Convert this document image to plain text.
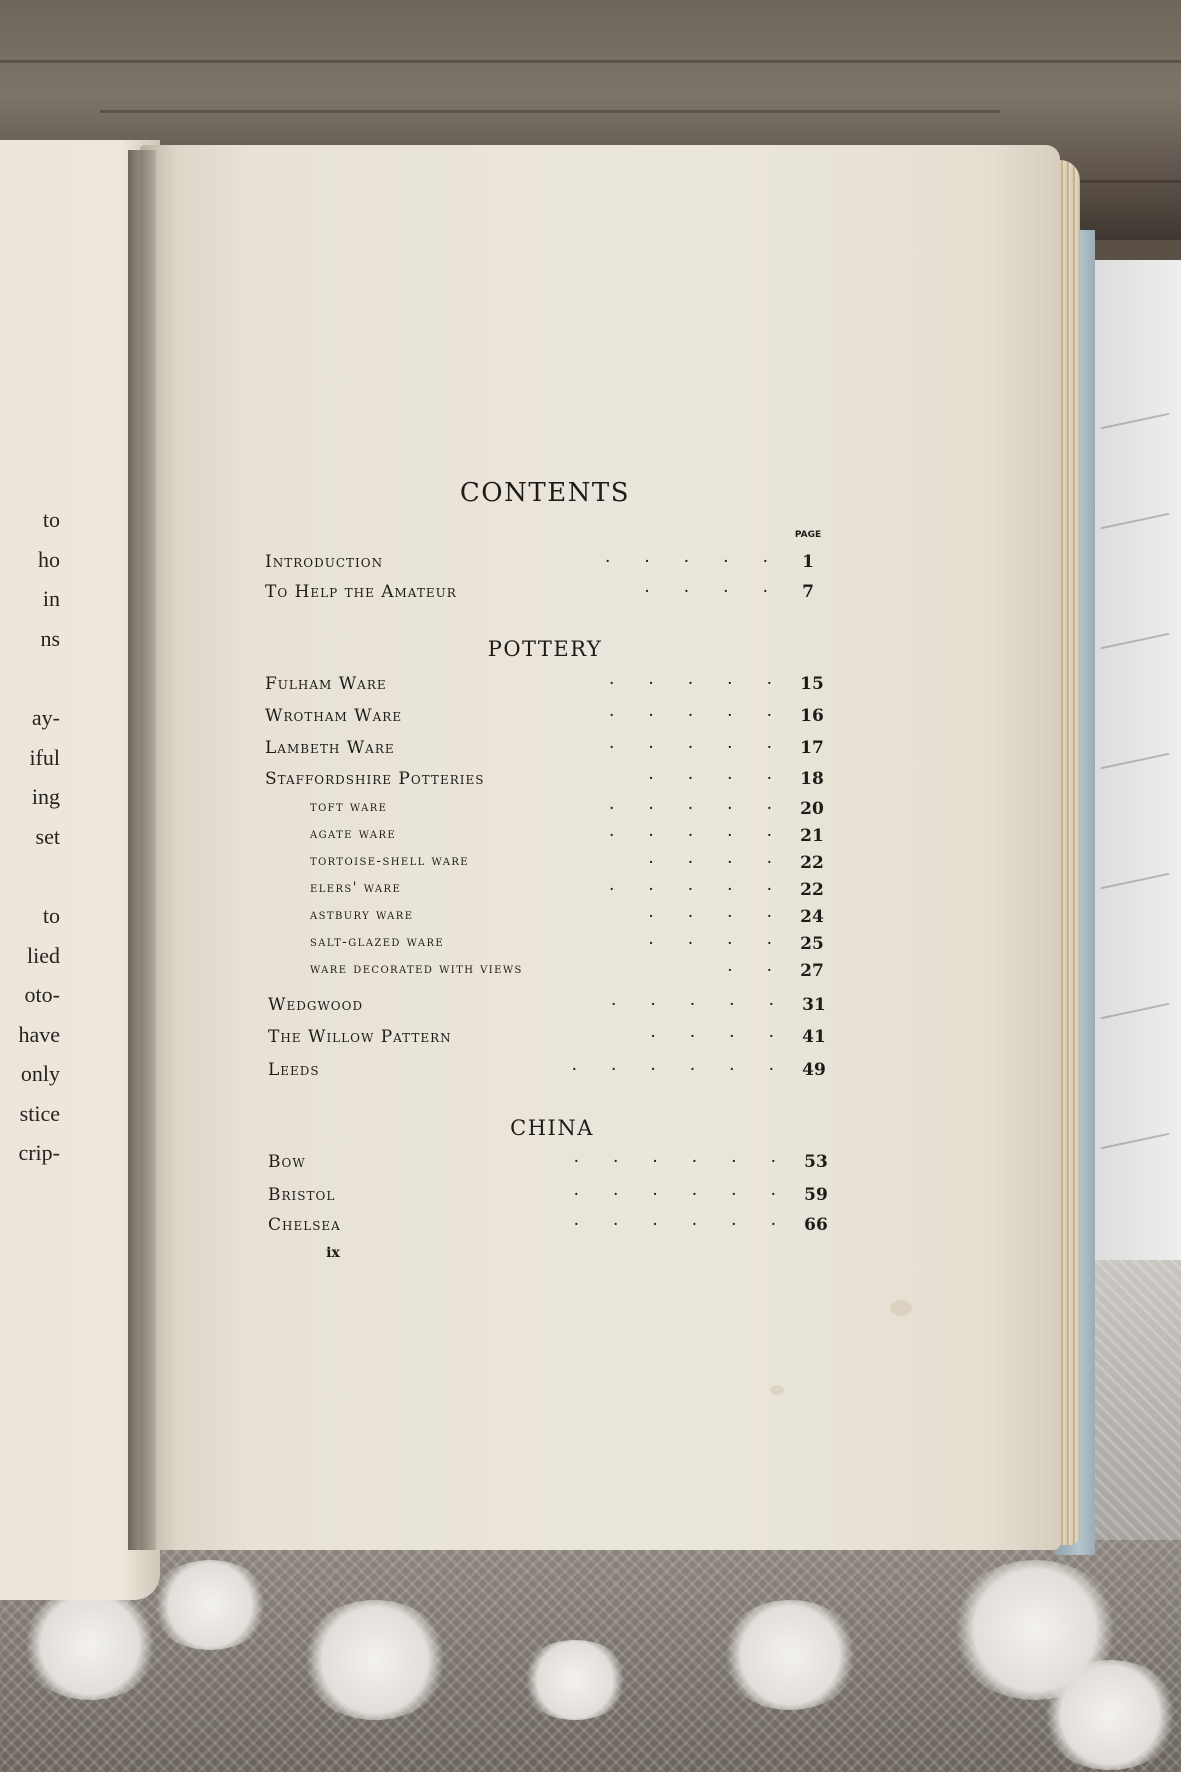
to
ho
in
ns
ay-
iful
ing
set
to
lied
oto-
have
only
stice
crip-
CONTENTS
PAGE
Introduction	·  ·  ·  ·  ·	1
To Help the Amateur	·  ·  ·  ·	7
POTTERY
Fulham Ware	·  ·  ·  ·  ·	15
Wrotham Ware	·  ·  ·  ·  ·	16
Lambeth Ware	·  ·  ·  ·  ·	17
Staffordshire Potteries	·  ·  ·  ·	18
toft ware	·  ·  ·  ·  ·	20
agate ware	·  ·  ·  ·  ·	21
tortoise-shell ware	·  ·  ·  ·	22
elers' ware	·  ·  ·  ·  ·	22
astbury ware	·  ·  ·  ·	24
salt-glazed ware	·  ·  ·  ·	25
ware decorated with views	·  ·	27
Wedgwood	·  ·  ·  ·  ·	31
The Willow Pattern	·  ·  ·  ·	41
Leeds	·  ·  ·  ·  ·  ·	49
CHINA
Bow	·  ·  ·  ·  ·  ·	53
Bristol	·  ·  ·  ·  ·  ·	59
Chelsea	·  ·  ·  ·  ·  ·	66
ix
